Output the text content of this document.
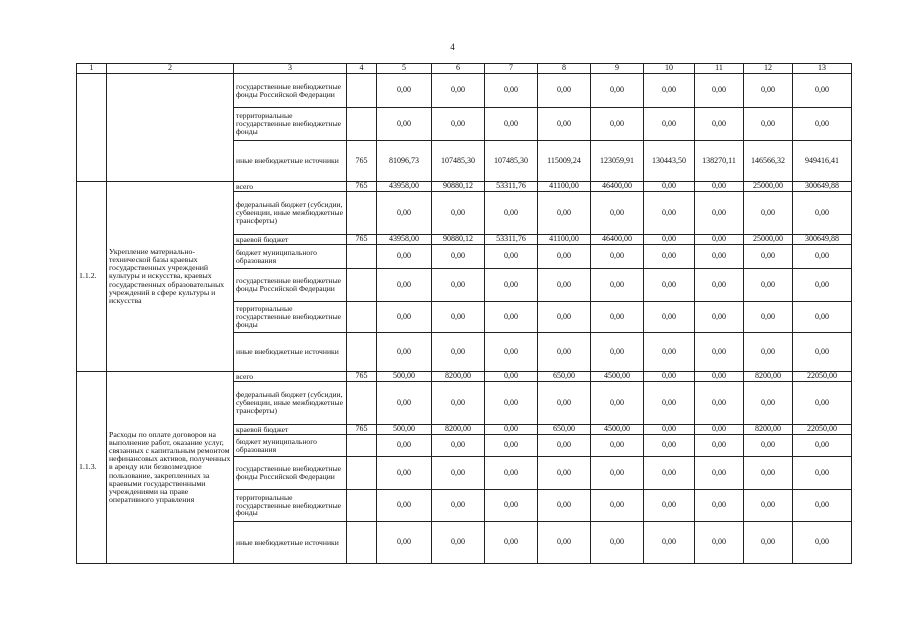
4
1	2	3	4	5	6	7	8	9	10	11	12	13
		государственные внебюджетные фонды Российской Федерации		0,00	0,00	0,00	0,00	0,00	0,00	0,00	0,00	0,00
		территориальные государственные внебюджетные фонды		0,00	0,00	0,00	0,00	0,00	0,00	0,00	0,00	0,00
		иные внебюджетные источники	765	81096,73	107485,30	107485,30	115009,24	123059,91	130443,50	138270,11	146566,32	949416,41
1.1.2.	Укрепление материально-технической базы краевых государственных учреждений культуры и искусства, краевых государственных образовательных учреждений в сфере культуры и искусства	всего	765	43958,00	90880,12	53311,76	41100,00	46400,00	0,00	0,00	25000,00	300649,88
		федеральный бюджет (субсидии, субвенции, иные межбюджетные трансферты)		0,00	0,00	0,00	0,00	0,00	0,00	0,00	0,00	0,00
		краевой бюджет	765	43958,00	90880,12	53311,76	41100,00	46400,00	0,00	0,00	25000,00	300649,88
		бюджет муниципального образования		0,00	0,00	0,00	0,00	0,00	0,00	0,00	0,00	0,00
		государственные внебюджетные фонды Российской Федерации		0,00	0,00	0,00	0,00	0,00	0,00	0,00	0,00	0,00
		территориальные государственные внебюджетные фонды		0,00	0,00	0,00	0,00	0,00	0,00	0,00	0,00	0,00
		иные внебюджетные источники		0,00	0,00	0,00	0,00	0,00	0,00	0,00	0,00	0,00
1.1.3.	Расходы по оплате договоров на выполнение работ, оказание услуг, связанных с капитальным ремонтом нефинансовых активов, полученных в аренду или безвозмездное пользование, закрепленных за краевыми государственными учреждениями на праве оперативного управления	всего	765	500,00	8200,00	0,00	650,00	4500,00	0,00	0,00	8200,00	22050,00
		федеральный бюджет (субсидии, субвенции, иные межбюджетные трансферты)		0,00	0,00	0,00	0,00	0,00	0,00	0,00	0,00	0,00
		краевой бюджет	765	500,00	8200,00	0,00	650,00	4500,00	0,00	0,00	8200,00	22050,00
		бюджет муниципального образования		0,00	0,00	0,00	0,00	0,00	0,00	0,00	0,00	0,00
		государственные внебюджетные фонды Российской Федерации		0,00	0,00	0,00	0,00	0,00	0,00	0,00	0,00	0,00
		территориальные государственные внебюджетные фонды		0,00	0,00	0,00	0,00	0,00	0,00	0,00	0,00	0,00
		иные внебюджетные источники		0,00	0,00	0,00	0,00	0,00	0,00	0,00	0,00	0,00
